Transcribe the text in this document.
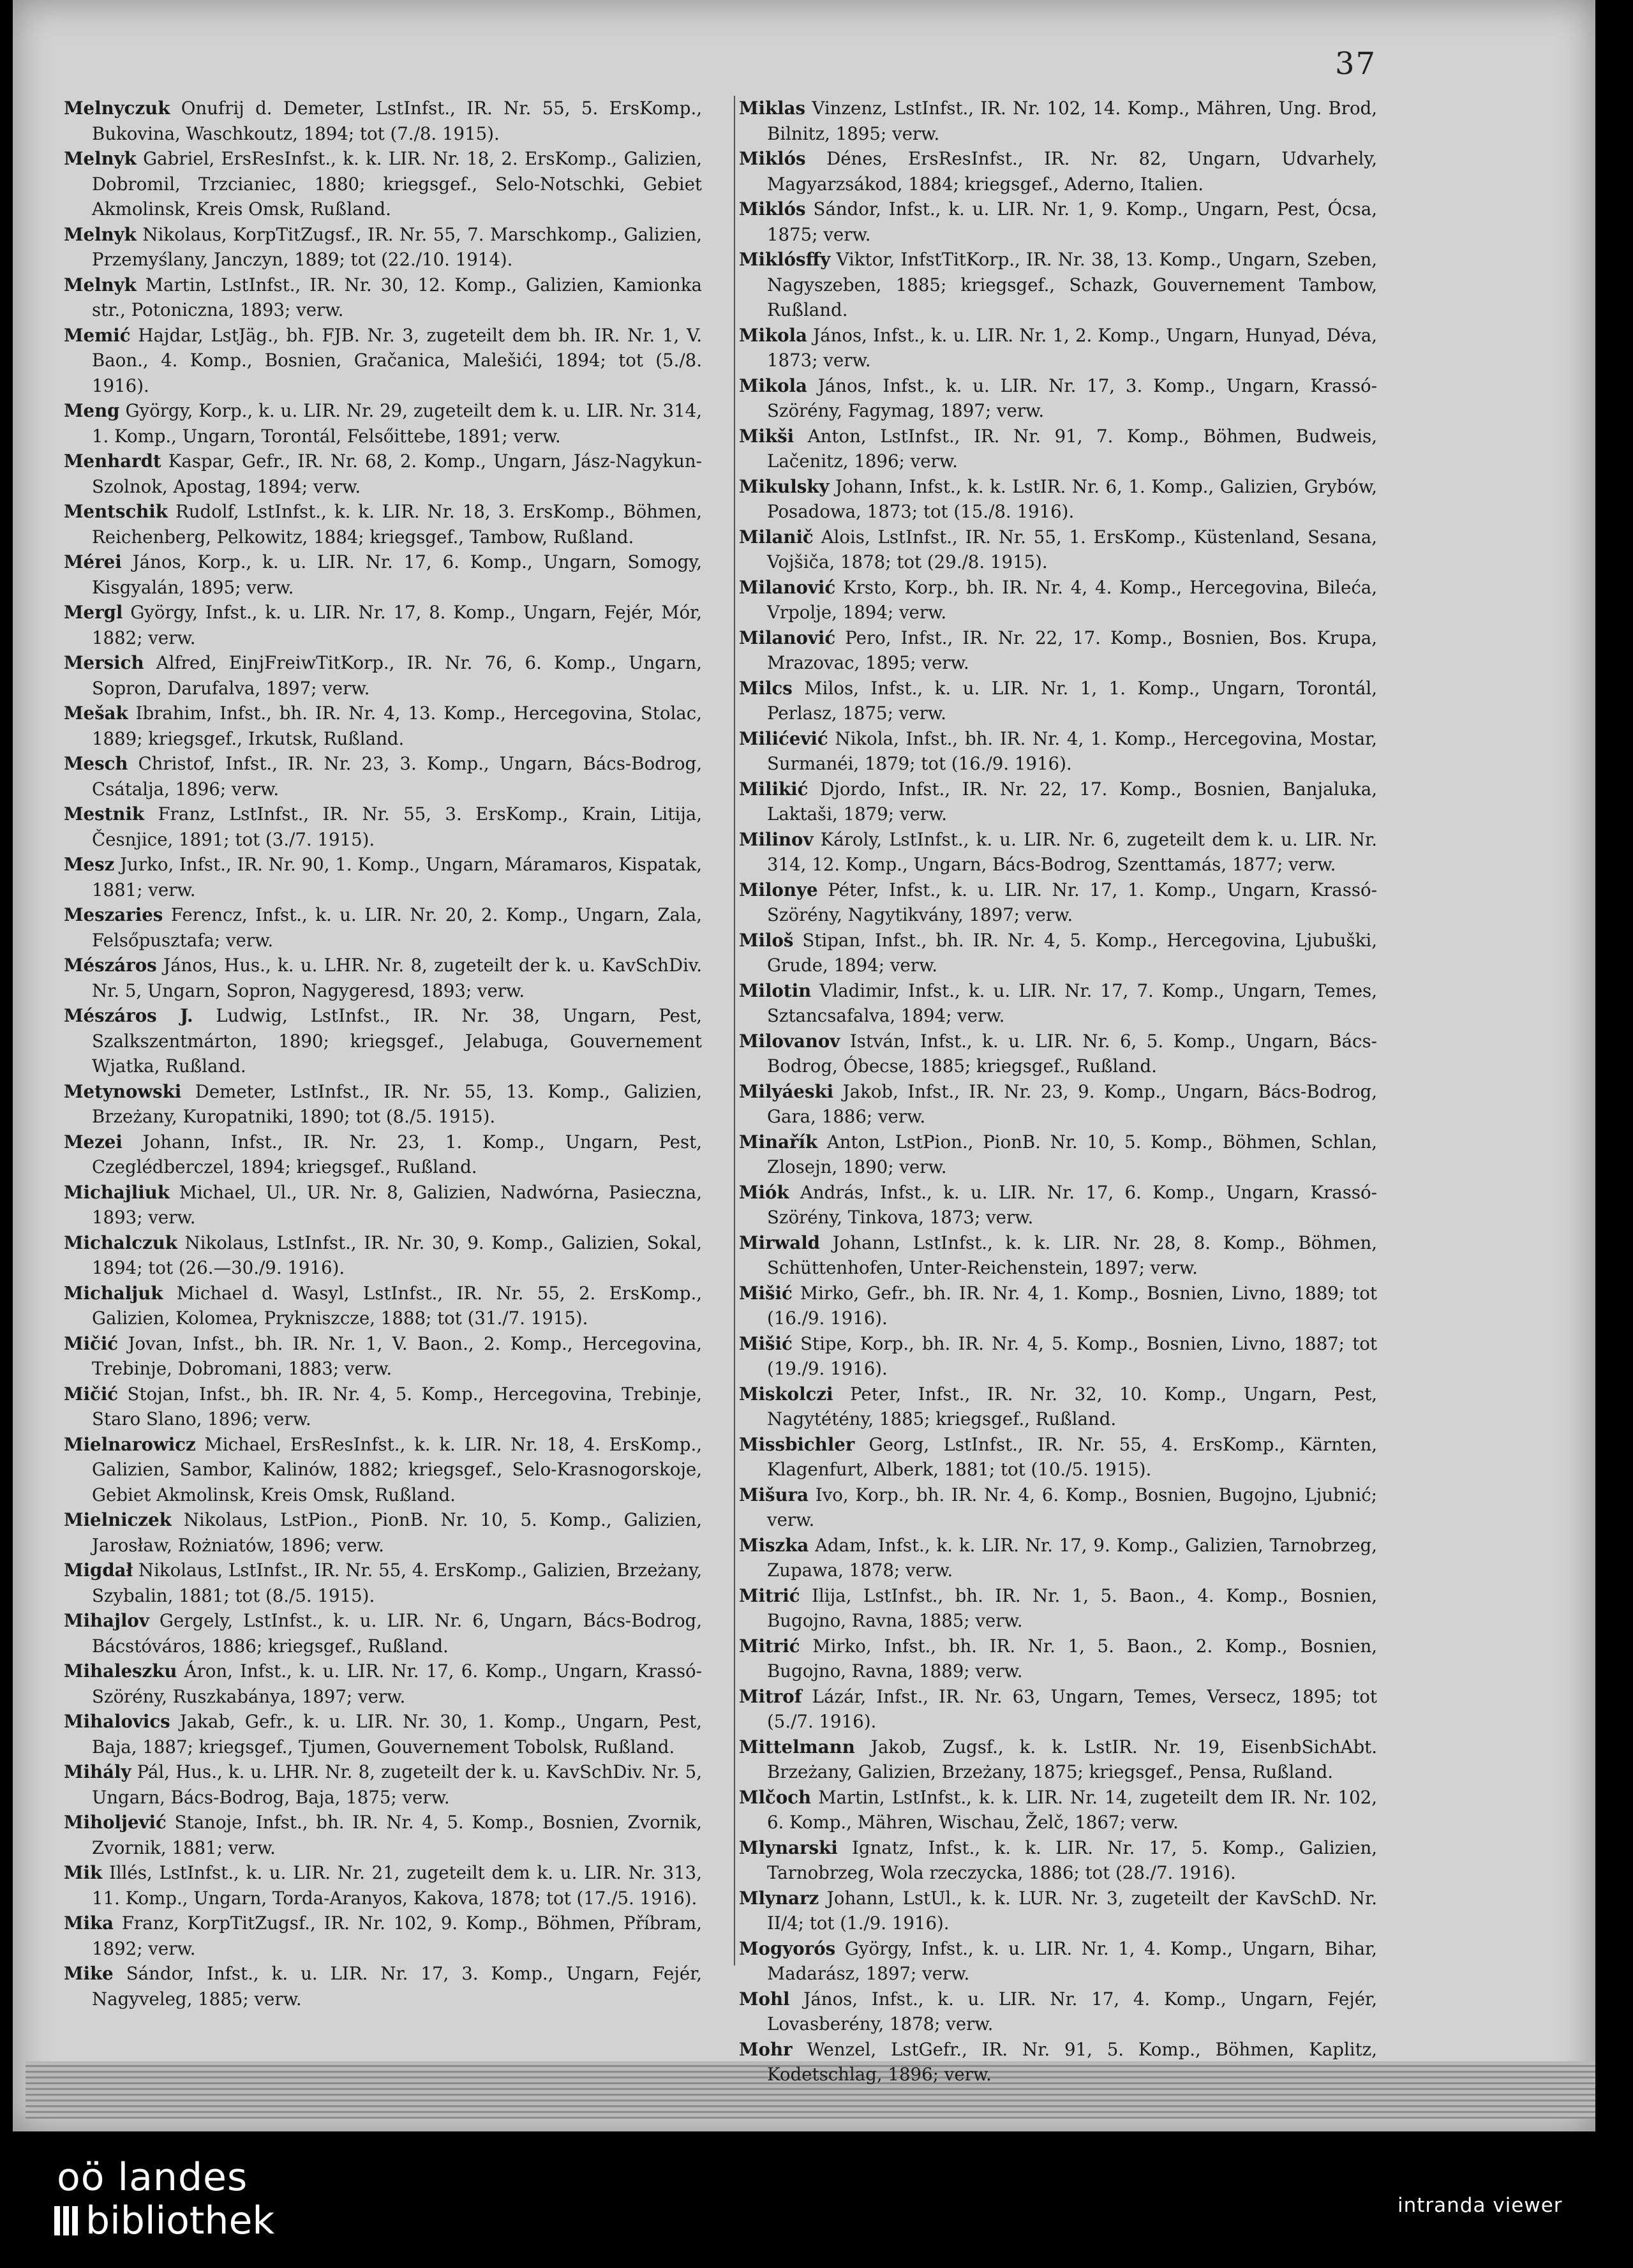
37
Melnyczuk Onufrij d. Demeter, LstInfst., IR. Nr. 55, 5. ErsKomp., Bukovina, Waschkoutz, 1894; tot (7./8. 1915).
Melnyk Gabriel, ErsResInfst., k. k. LIR. Nr. 18, 2. ErsKomp., Galizien, Dobromil, Trzcianiec, 1880; kriegsgef., Selo-Notschki, Gebiet Akmolinsk, Kreis Omsk, Rußland.
Melnyk Nikolaus, KorpTitZugsf., IR. Nr. 55, 7. Marschkomp., Galizien, Przemyślany, Janczyn, 1889; tot (22./10. 1914).
Melnyk Martin, LstInfst., IR. Nr. 30, 12. Komp., Galizien, Kamionka str., Potoniczna, 1893; verw.
Memić Hajdar, LstJäg., bh. FJB. Nr. 3, zugeteilt dem bh. IR. Nr. 1, V. Baon., 4. Komp., Bosnien, Gračanica, Malešići, 1894; tot (5./8. 1916).
Meng György, Korp., k. u. LIR. Nr. 29, zugeteilt dem k. u. LIR. Nr. 314, 1. Komp., Ungarn, Torontál, Felsőittebe, 1891; verw.
Menhardt Kaspar, Gefr., IR. Nr. 68, 2. Komp., Ungarn, Jász-Nagykun-Szolnok, Apostag, 1894; verw.
Mentschik Rudolf, LstInfst., k. k. LIR. Nr. 18, 3. ErsKomp., Böhmen, Reichenberg, Pelkowitz, 1884; kriegsgef., Tambow, Rußland.
Mérei János, Korp., k. u. LIR. Nr. 17, 6. Komp., Ungarn, Somogy, Kisgyalán, 1895; verw.
Mergl György, Infst., k. u. LIR. Nr. 17, 8. Komp., Ungarn, Fejér, Mór, 1882; verw.
Mersich Alfred, EinjFreiwTitKorp., IR. Nr. 76, 6. Komp., Ungarn, Sopron, Darufalva, 1897; verw.
Mešak Ibrahim, Infst., bh. IR. Nr. 4, 13. Komp., Hercegovina, Stolac, 1889; kriegsgef., Irkutsk, Rußland.
Mesch Christof, Infst., IR. Nr. 23, 3. Komp., Ungarn, Bács-Bodrog, Csátalja, 1896; verw.
Mestnik Franz, LstInfst., IR. Nr. 55, 3. ErsKomp., Krain, Litija, Česnjice, 1891; tot (3./7. 1915).
Mesz Jurko, Infst., IR. Nr. 90, 1. Komp., Ungarn, Máramaros, Kispatak, 1881; verw.
Meszaries Ferencz, Infst., k. u. LIR. Nr. 20, 2. Komp., Ungarn, Zala, Felsőpusztafa; verw.
Mészáros János, Hus., k. u. LHR. Nr. 8, zugeteilt der k. u. KavSchDiv. Nr. 5, Ungarn, Sopron, Nagygeresd, 1893; verw.
Mészáros J. Ludwig, LstInfst., IR. Nr. 38, Ungarn, Pest, Szalkszentmárton, 1890; kriegsgef., Jelabuga, Gouvernement Wjatka, Rußland.
Metynowski Demeter, LstInfst., IR. Nr. 55, 13. Komp., Galizien, Brzeżany, Kuropatniki, 1890; tot (8./5. 1915).
Mezei Johann, Infst., IR. Nr. 23, 1. Komp., Ungarn, Pest, Czeglédberczel, 1894; kriegsgef., Rußland.
Michajliuk Michael, Ul., UR. Nr. 8, Galizien, Nadwórna, Pasieczna, 1893; verw.
Michalczuk Nikolaus, LstInfst., IR. Nr. 30, 9. Komp., Galizien, Sokal, 1894; tot (26.—30./9. 1916).
Michaljuk Michael d. Wasyl, LstInfst., IR. Nr. 55, 2. ErsKomp., Galizien, Kolomea, Prykniszcze, 1888; tot (31./7. 1915).
Mičić Jovan, Infst., bh. IR. Nr. 1, V. Baon., 2. Komp., Hercegovina, Trebinje, Dobromani, 1883; verw.
Mičić Stojan, Infst., bh. IR. Nr. 4, 5. Komp., Hercegovina, Trebinje, Staro Slano, 1896; verw.
Mielnarowicz Michael, ErsResInfst., k. k. LIR. Nr. 18, 4. ErsKomp., Galizien, Sambor, Kalinów, 1882; kriegsgef., Selo-Krasnogorskoje, Gebiet Akmolinsk, Kreis Omsk, Rußland.
Mielniczek Nikolaus, LstPion., PionB. Nr. 10, 5. Komp., Galizien, Jarosław, Rożniatów, 1896; verw.
Migdał Nikolaus, LstInfst., IR. Nr. 55, 4. ErsKomp., Galizien, Brzeżany, Szybalin, 1881; tot (8./5. 1915).
Mihajlov Gergely, LstInfst., k. u. LIR. Nr. 6, Ungarn, Bács-Bodrog, Bácstóváros, 1886; kriegsgef., Rußland.
Mihaleszku Áron, Infst., k. u. LIR. Nr. 17, 6. Komp., Ungarn, Krassó-Szörény, Ruszkabánya, 1897; verw.
Mihalovics Jakab, Gefr., k. u. LIR. Nr. 30, 1. Komp., Ungarn, Pest, Baja, 1887; kriegsgef., Tjumen, Gouvernement Tobolsk, Rußland.
Mihály Pál, Hus., k. u. LHR. Nr. 8, zugeteilt der k. u. KavSchDiv. Nr. 5, Ungarn, Bács-Bodrog, Baja, 1875; verw.
Miholjević Stanoje, Infst., bh. IR. Nr. 4, 5. Komp., Bosnien, Zvornik, Zvornik, 1881; verw.
Mik Illés, LstInfst., k. u. LIR. Nr. 21, zugeteilt dem k. u. LIR. Nr. 313, 11. Komp., Ungarn, Torda-Aranyos, Kakova, 1878; tot (17./5. 1916).
Mika Franz, KorpTitZugsf., IR. Nr. 102, 9. Komp., Böhmen, Příbram, 1892; verw.
Mike Sándor, Infst., k. u. LIR. Nr. 17, 3. Komp., Ungarn, Fejér, Nagyveleg, 1885; verw.
Miklas Vinzenz, LstInfst., IR. Nr. 102, 14. Komp., Mähren, Ung. Brod, Bilnitz, 1895; verw.
Miklós Dénes, ErsResInfst., IR. Nr. 82, Ungarn, Udvarhely, Magyarzsákod, 1884; kriegsgef., Aderno, Italien.
Miklós Sándor, Infst., k. u. LIR. Nr. 1, 9. Komp., Ungarn, Pest, Ócsa, 1875; verw.
Miklósffy Viktor, InfstTitKorp., IR. Nr. 38, 13. Komp., Ungarn, Szeben, Nagyszeben, 1885; kriegsgef., Schazk, Gouvernement Tambow, Rußland.
Mikola János, Infst., k. u. LIR. Nr. 1, 2. Komp., Ungarn, Hunyad, Déva, 1873; verw.
Mikola János, Infst., k. u. LIR. Nr. 17, 3. Komp., Ungarn, Krassó-Szörény, Fagymag, 1897; verw.
Mikši Anton, LstInfst., IR. Nr. 91, 7. Komp., Böhmen, Budweis, Lačenitz, 1896; verw.
Mikulsky Johann, Infst., k. k. LstIR. Nr. 6, 1. Komp., Galizien, Grybów, Posadowa, 1873; tot (15./8. 1916).
Milanič Alois, LstInfst., IR. Nr. 55, 1. ErsKomp., Küstenland, Sesana, Vojšiča, 1878; tot (29./8. 1915).
Milanović Krsto, Korp., bh. IR. Nr. 4, 4. Komp., Hercegovina, Bileća, Vrpolje, 1894; verw.
Milanović Pero, Infst., IR. Nr. 22, 17. Komp., Bosnien, Bos. Krupa, Mrazovac, 1895; verw.
Milcs Milos, Infst., k. u. LIR. Nr. 1, 1. Komp., Ungarn, Torontál, Perlasz, 1875; verw.
Milićević Nikola, Infst., bh. IR. Nr. 4, 1. Komp., Hercegovina, Mostar, Surmanéi, 1879; tot (16./9. 1916).
Milikić Djordo, Infst., IR. Nr. 22, 17. Komp., Bosnien, Banjaluka, Laktaši, 1879; verw.
Milinov Károly, LstInfst., k. u. LIR. Nr. 6, zugeteilt dem k. u. LIR. Nr. 314, 12. Komp., Ungarn, Bács-Bodrog, Szenttamás, 1877; verw.
Milonye Péter, Infst., k. u. LIR. Nr. 17, 1. Komp., Ungarn, Krassó-Szörény, Nagytikvány, 1897; verw.
Miloš Stipan, Infst., bh. IR. Nr. 4, 5. Komp., Hercegovina, Ljubuški, Grude, 1894; verw.
Milotin Vladimir, Infst., k. u. LIR. Nr. 17, 7. Komp., Ungarn, Temes, Sztancsafalva, 1894; verw.
Milovanov István, Infst., k. u. LIR. Nr. 6, 5. Komp., Ungarn, Bács-Bodrog, Óbecse, 1885; kriegsgef., Rußland.
Milyáeski Jakob, Infst., IR. Nr. 23, 9. Komp., Ungarn, Bács-Bodrog, Gara, 1886; verw.
Minařík Anton, LstPion., PionB. Nr. 10, 5. Komp., Böhmen, Schlan, Zlosejn, 1890; verw.
Miók András, Infst., k. u. LIR. Nr. 17, 6. Komp., Ungarn, Krassó-Szörény, Tinkova, 1873; verw.
Mirwald Johann, LstInfst., k. k. LIR. Nr. 28, 8. Komp., Böhmen, Schüttenhofen, Unter-Reichenstein, 1897; verw.
Mišić Mirko, Gefr., bh. IR. Nr. 4, 1. Komp., Bosnien, Livno, 1889; tot (16./9. 1916).
Mišić Stipe, Korp., bh. IR. Nr. 4, 5. Komp., Bosnien, Livno, 1887; tot (19./9. 1916).
Miskolczi Peter, Infst., IR. Nr. 32, 10. Komp., Ungarn, Pest, Nagytétény, 1885; kriegsgef., Rußland.
Missbichler Georg, LstInfst., IR. Nr. 55, 4. ErsKomp., Kärnten, Klagenfurt, Alberk, 1881; tot (10./5. 1915).
Mišura Ivo, Korp., bh. IR. Nr. 4, 6. Komp., Bosnien, Bugojno, Ljubnić; verw.
Miszka Adam, Infst., k. k. LIR. Nr. 17, 9. Komp., Galizien, Tarnobrzeg, Zupawa, 1878; verw.
Mitrić Ilija, LstInfst., bh. IR. Nr. 1, 5. Baon., 4. Komp., Bosnien, Bugojno, Ravna, 1885; verw.
Mitrić Mirko, Infst., bh. IR. Nr. 1, 5. Baon., 2. Komp., Bosnien, Bugojno, Ravna, 1889; verw.
Mitrof Lázár, Infst., IR. Nr. 63, Ungarn, Temes, Versecz, 1895; tot (5./7. 1916).
Mittelmann Jakob, Zugsf., k. k. LstIR. Nr. 19, EisenbSichAbt. Brzeżany, Galizien, Brzeżany, 1875; kriegsgef., Pensa, Rußland.
Mlčoch Martin, LstInfst., k. k. LIR. Nr. 14, zugeteilt dem IR. Nr. 102, 6. Komp., Mähren, Wischau, Želč, 1867; verw.
Mlynarski Ignatz, Infst., k. k. LIR. Nr. 17, 5. Komp., Galizien, Tarnobrzeg, Wola rzeczycka, 1886; tot (28./7. 1916).
Mlynarz Johann, LstUl., k. k. LUR. Nr. 3, zugeteilt der KavSchD. Nr. II/4; tot (1./9. 1916).
Mogyorós György, Infst., k. u. LIR. Nr. 1, 4. Komp., Ungarn, Bihar, Madarász, 1897; verw.
Mohl János, Infst., k. u. LIR. Nr. 17, 4. Komp., Ungarn, Fejér, Lovasberény, 1878; verw.
Mohr Wenzel, LstGefr., IR. Nr. 91, 5. Komp., Böhmen, Kaplitz, Kodetschlag, 1896; verw.
oö landes
bibliothek	intranda viewer
